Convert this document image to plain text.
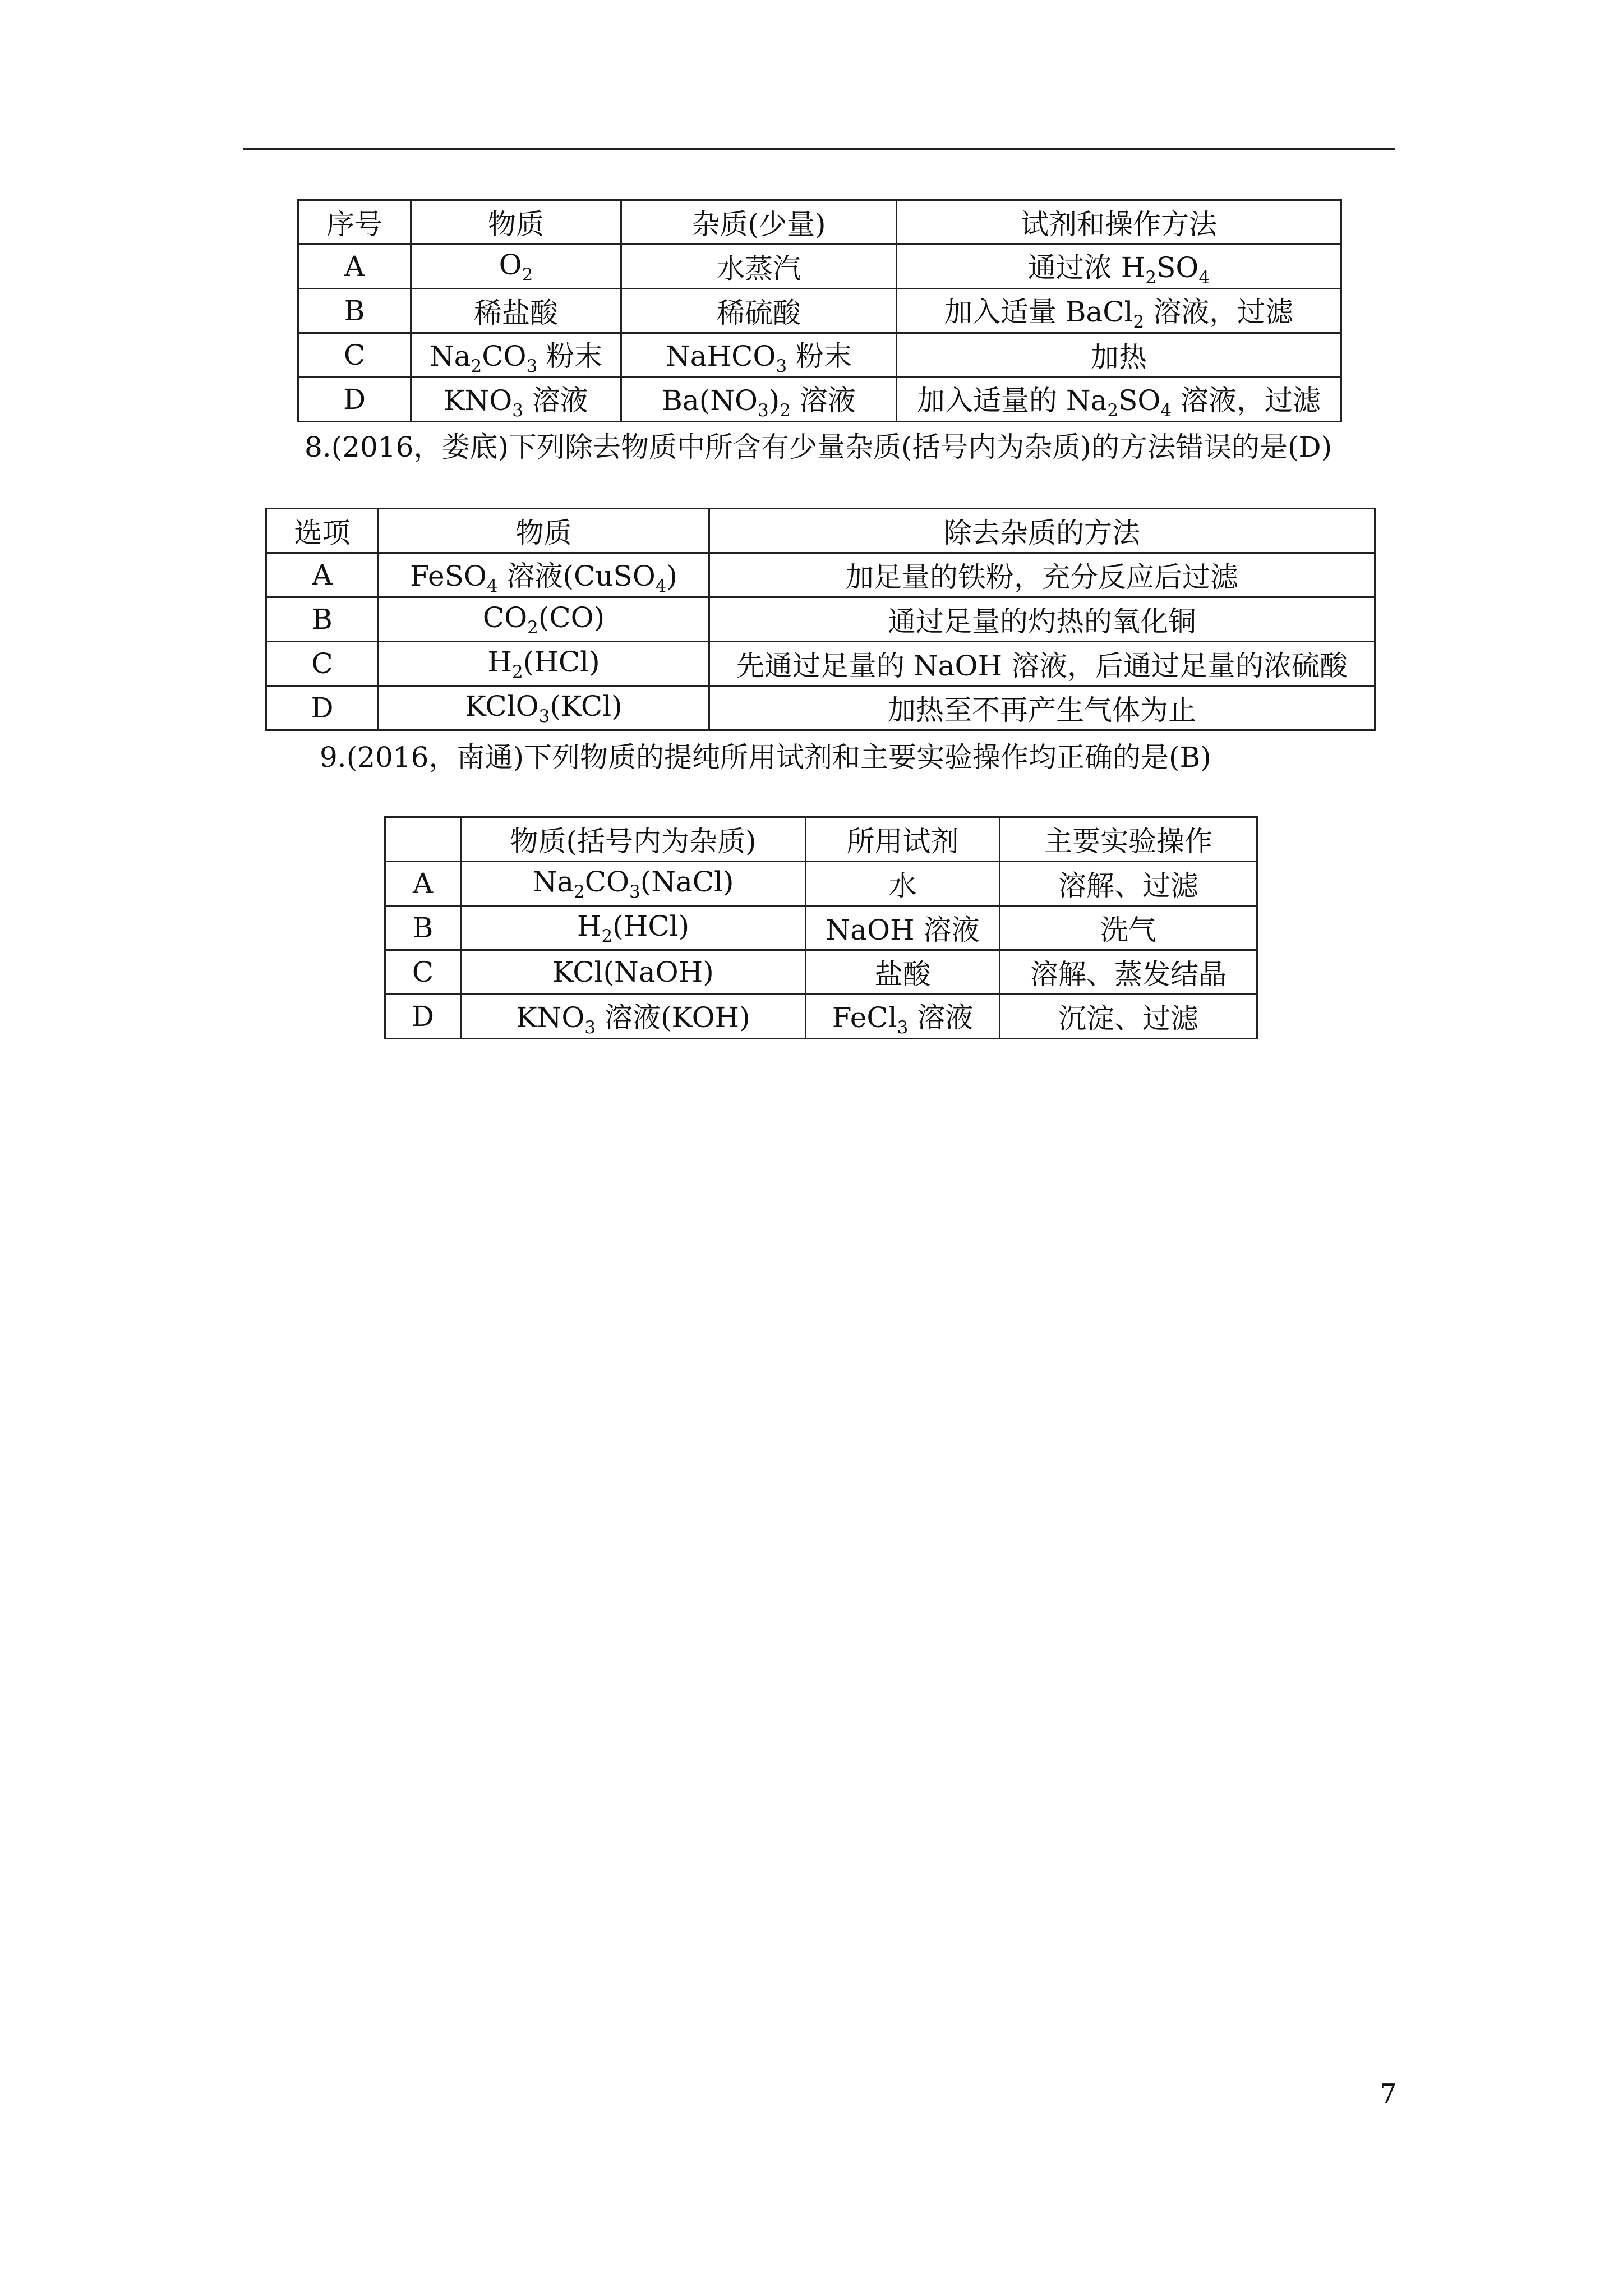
序号	物质	杂质(少量)	试剂和操作方法
A	$O_2$	水蒸汽	通过浓 $H_2SO_4$
B	稀盐酸	稀硫酸	加入适量 BaCl$_2$ 溶液，过滤
C	$Na_2CO_3$ 粉末	NaHCO$_3$ 粉末	加热
D	$KNO_3$ 溶液	$Ba(NO_3)_2$ 溶液	加入适量的 $Na_2SO_4$ 溶液，过滤
8.(2016，娄底)下列除去物质中所含有少量杂质(括号内为杂质)的方法错误的是(D)
选项	物质	除去杂质的方法
A	FeSO$_4$ 溶液(CuSO$_4$)	加足量的铁粉，充分反应后过滤
B	$CO_2(CO)$	通过足量的灼热的氧化铜
C	$H_2(HCl)$	先通过足量的 NaOH 溶液，后通过足量的浓硫酸
D	KClO$_3$(KCl)	加热至不再产生气体为止
9.(2016，南通)下列物质的提纯所用试剂和主要实验操作均正确的是(B)
	物质(括号内为杂质)	所用试剂	主要实验操作
A	$Na_2CO_3(NaCl)$	水	溶解、过滤
B	$H_2(HCl)$	NaOH 溶液	洗气
C	KCl(NaOH)	盐酸	溶解、蒸发结晶
D	$KNO_3$ 溶液(KOH)	FeCl$_3$ 溶液	沉淀、过滤
7
